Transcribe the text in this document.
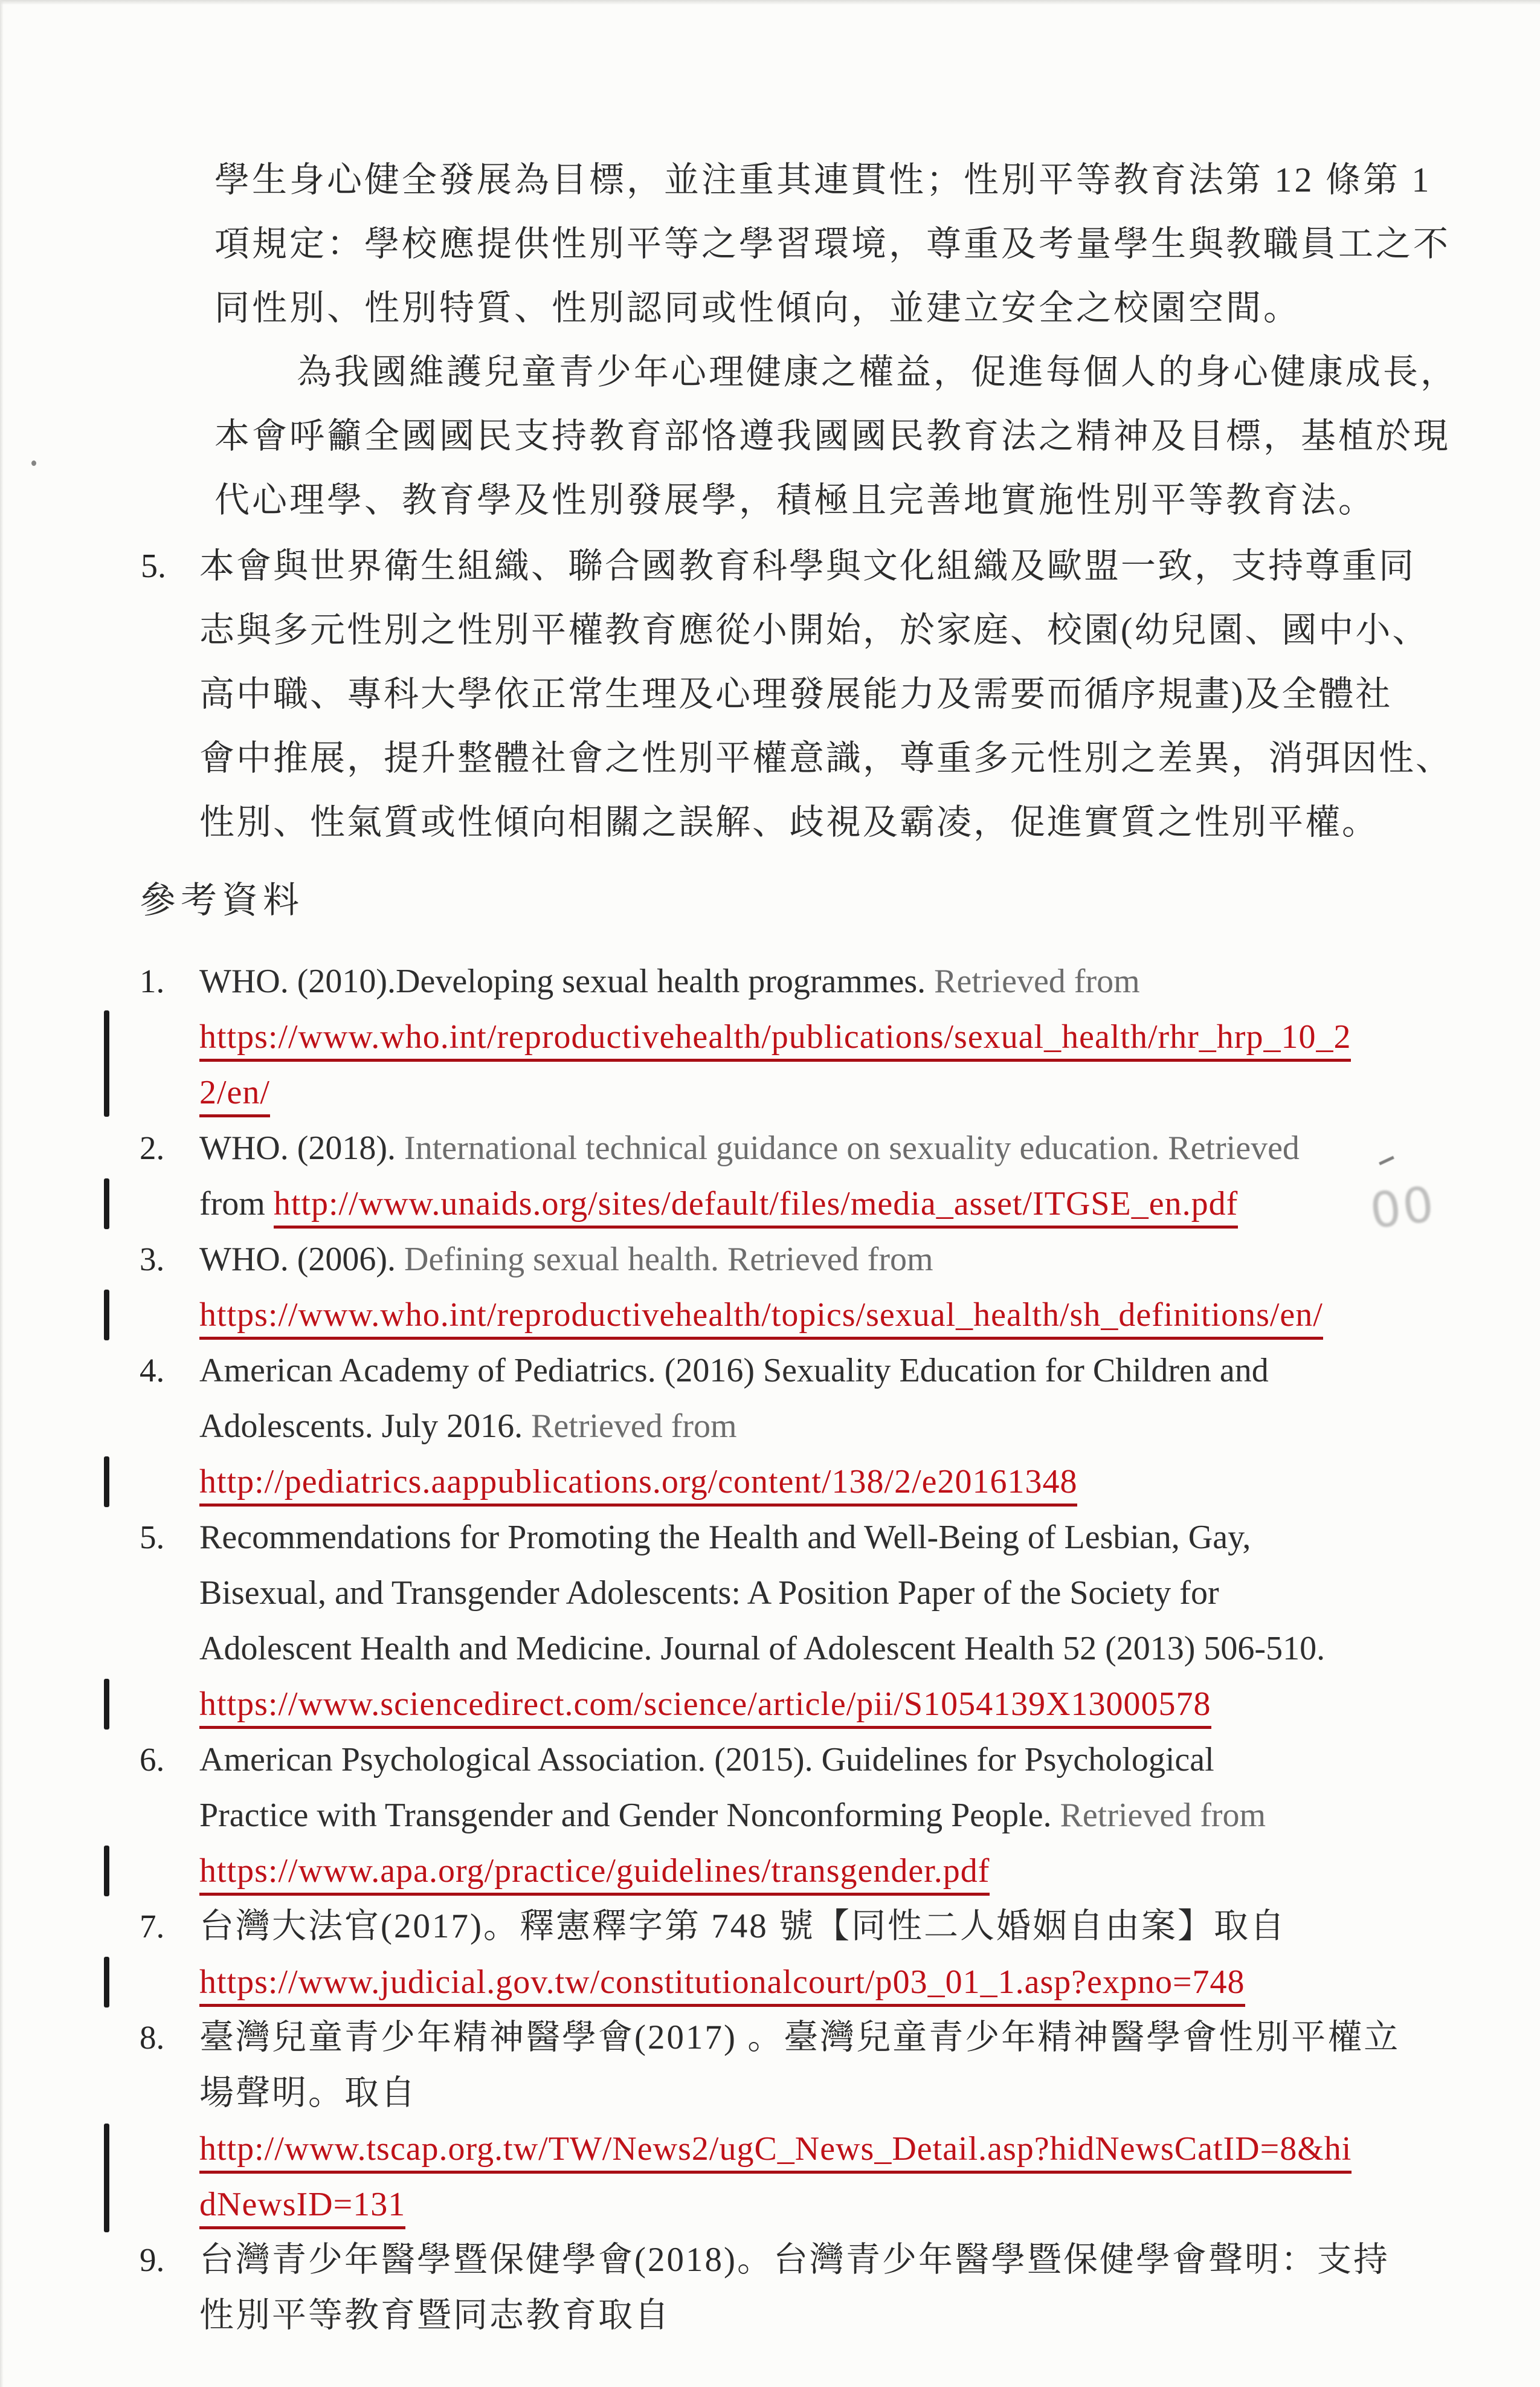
學生身心健全發展為目標，並注重其連貫性；性別平等教育法第 12 條第 1
項規定：學校應提供性別平等之學習環境，尊重及考量學生與教職員工之不
同性別、性別特質、性別認同或性傾向，並建立安全之校園空間。
為我國維護兒童青少年心理健康之權益，促進每個人的身心健康成長，
本會呼籲全國國民支持教育部恪遵我國國民教育法之精神及目標，基植於現
代心理學、教育學及性別發展學，積極且完善地實施性別平等教育法。
5. 本會與世界衛生組織、聯合國教育科學與文化組織及歐盟一致，支持尊重同
志與多元性別之性別平權教育應從小開始，於家庭、校園(幼兒園、國中小、
高中職、專科大學依正常生理及心理發展能力及需要而循序規畫)及全體社
會中推展，提升整體社會之性別平權意識，尊重多元性別之差異，消弭因性、
性別、性氣質或性傾向相關之誤解、歧視及霸凌，促進實質之性別平權。
參考資料
1. WHO. (2010).Developing sexual health programmes. Retrieved from
https://www.who.int/reproductivehealth/publications/sexual_health/rhr_hrp_10_2
2/en/
2. WHO. (2018). International technical guidance on sexuality education. Retrieved
from http://www.unaids.org/sites/default/files/media_asset/ITGSE_en.pdf
3. WHO. (2006). Defining sexual health. Retrieved from
https://www.who.int/reproductivehealth/topics/sexual_health/sh_definitions/en/
4. American Academy of Pediatrics. (2016) Sexuality Education for Children and
Adolescents. July 2016. Retrieved from
http://pediatrics.aappublications.org/content/138/2/e20161348
5. Recommendations for Promoting the Health and Well-Being of Lesbian, Gay,
Bisexual, and Transgender Adolescents: A Position Paper of the Society for
Adolescent Health and Medicine. Journal of Adolescent Health 52 (2013) 506-510.
https://www.sciencedirect.com/science/article/pii/S1054139X13000578
6. American Psychological Association. (2015). Guidelines for Psychological
Practice with Transgender and Gender Nonconforming People. Retrieved from
https://www.apa.org/practice/guidelines/transgender.pdf
7. 台灣大法官(2017)。釋憲釋字第 748 號【同性二人婚姻自由案】取自
https://www.judicial.gov.tw/constitutionalcourt/p03_01_1.asp?expno=748
8. 臺灣兒童青少年精神醫學會(2017) 。臺灣兒童青少年精神醫學會性別平權立
場聲明。取自
http://www.tscap.org.tw/TW/News2/ugC_News_Detail.asp?hidNewsCatID=8&hi
dNewsID=131
9. 台灣青少年醫學暨保健學會(2018)。台灣青少年醫學暨保健學會聲明：支持
性別平等教育暨同志教育取自
00
